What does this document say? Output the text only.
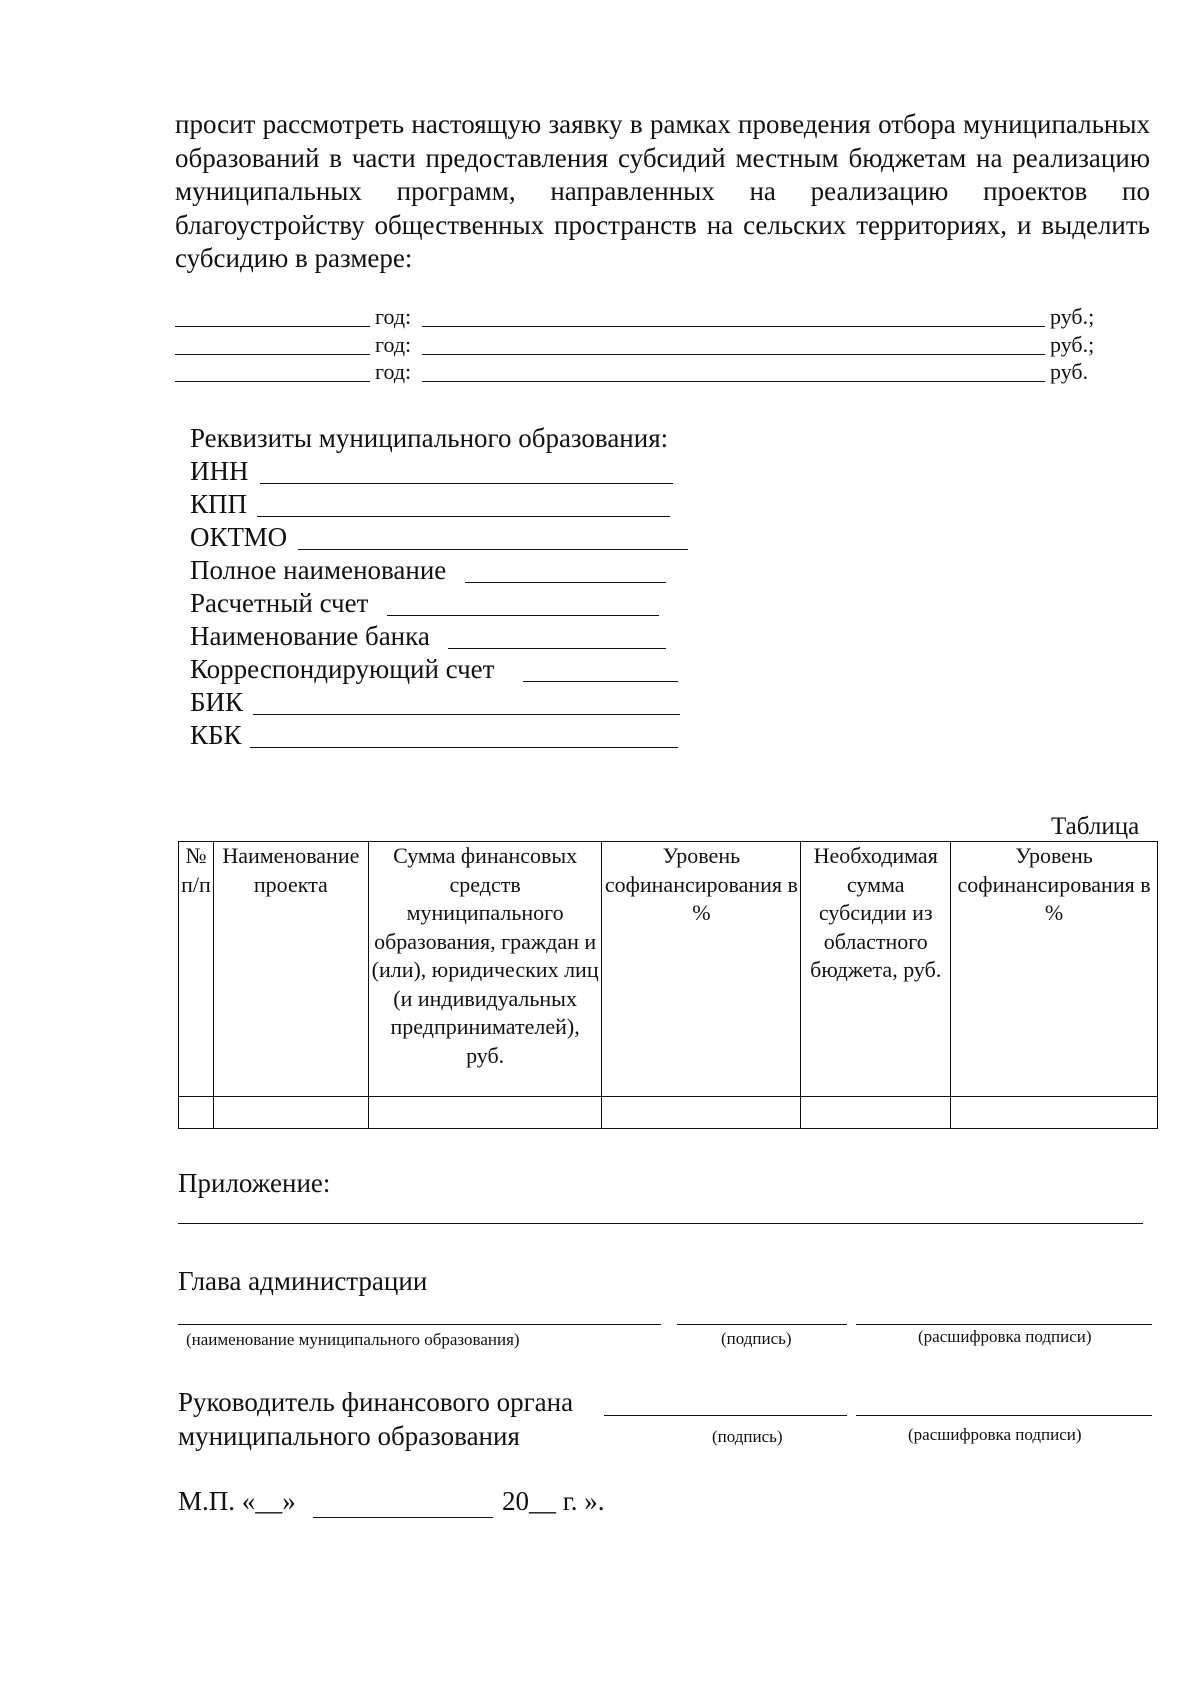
просит рассмотреть настоящую заявку в рамках проведения отбора муниципальных образований в части предоставления субсидий местным бюджетам на реализацию муниципальных программ, направленных на реализацию проектов по благоустройству общественных пространств на сельских территориях, и выделить субсидию в размере:
год:	руб.;
год:	руб.;
год:	руб.
Реквизиты муниципального образования:
ИНН
КПП
ОКТМО
Полное наименование
Расчетный счет
Наименование банка
Корреспондирующий счет
БИК
КБК
Таблица
№ п/п	Наименование проекта	Сумма финансовых средств муниципального образования, граждан и (или), юридических лиц (и индивидуальных предпринимателей), руб.	Уровень софинансирования в %	Необходимая сумма субсидии из областного бюджета, руб.	Уровень софинансирования в %

Приложение:
Глава администрации
(наименование муниципального образования)	(подпись)	(расшифровка подписи)
Руководитель финансового органа
муниципального образования	(подпись)	(расшифровка подписи)
М.П. «__»	20__ г. ».
